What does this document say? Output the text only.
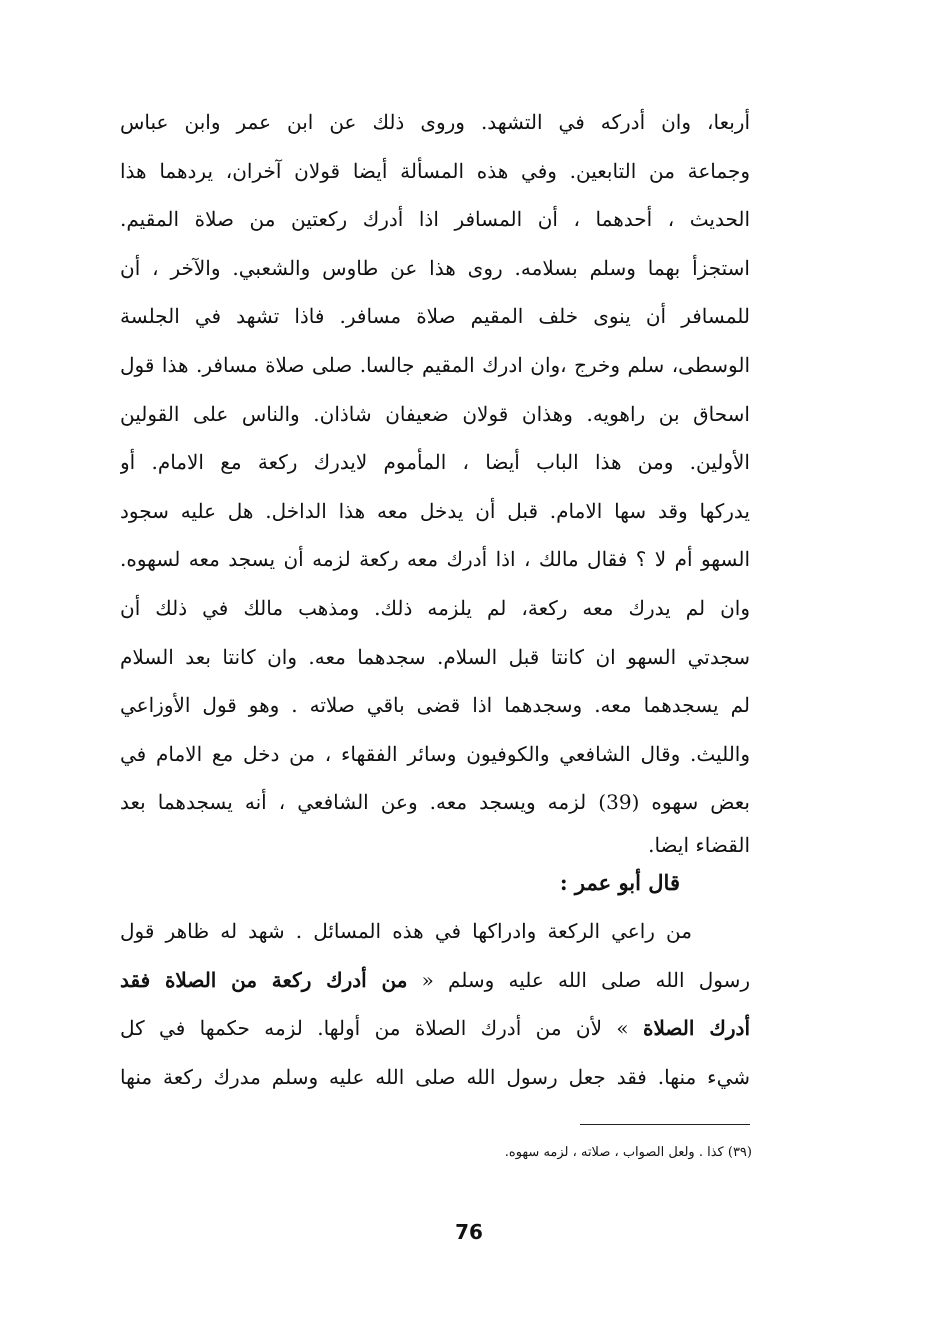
أربعا، وان أدركه في التشهد. وروى ذلك عن ابن عمر وابن عباس
وجماعة من التابعين. وفي هذه المسألة أيضا قولان آخران، يردهما هذا
الحديث ، أحدهما ، أن المسافر اذا أدرك ركعتين من صلاة المقيم.
استجزأ بهما وسلم بسلامه. روى هذا عن طاوس والشعبي. والآخر ، أن
للمسافر أن ينوى خلف المقيم صلاة مسافر. فاذا تشهد في الجلسة
الوسطى، سلم وخرج ،وان ادرك المقيم جالسا. صلى صلاة مسافر. هذا قول
اسحاق بن راهويه. وهذان قولان ضعيفان شاذان. والناس على القولين
الأولين. ومن هذا الباب أيضا ، المأموم لايدرك ركعة مع الامام. أو
يدركها وقد سها الامام. قبل أن يدخل معه هذا الداخل. هل عليه سجود
السهو أم لا ؟ فقال مالك ، اذا أدرك معه ركعة لزمه أن يسجد معه لسهوه.
وان لم يدرك معه ركعة، لم يلزمه ذلك. ومذهب مالك في ذلك أن
سجدتي السهو ان كانتا قبل السلام. سجدهما معه. وان كانتا بعد السلام
لم يسجدهما معه. وسجدهما اذا قضى باقي صلاته . وهو قول الأوزاعي
والليث. وقال الشافعي والكوفيون وسائر الفقهاء ، من دخل مع الامام في
بعض سهوه (39) لزمه ويسجد معه. وعن الشافعي ، أنه يسجدهما بعد
القضاء ايضا.
قال أبو عمر :
من راعي الركعة وادراكها في هذه المسائل . شهد له ظاهر قول
رسول الله صلى الله عليه وسلم « من أدرك ركعة من الصلاة فقد
أدرك الصلاة » لأن من أدرك الصلاة من أولها. لزمه حكمها في كل
شيء منها. فقد جعل رسول الله صلى الله عليه وسلم مدرك ركعة منها
(٣٩) كذا . ولعل الصواب ، صلاته ، لزمه سهوه.
76
